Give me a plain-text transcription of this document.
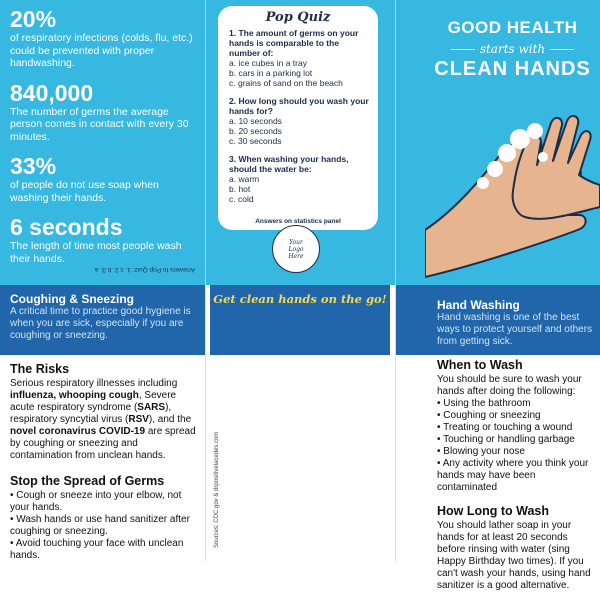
20%
of respiratory infections (colds, flu, etc.) could be prevented with proper handwashing.
840,000
The number of germs the average person comes in contact with every 30 minutes.
33%
of people do not use soap when washing their hands.
6 seconds
The length of time most people wash their hands.
Answers to Pop Quiz: 1. c 2. b 3. a
Pop Quiz
1. The amount of germs on your hands is comparable to the number of:
a. ice cubes in a tray
b. cars in a parking lot
c. grains of sand on the beach
2. How long should you wash your hands for?
a. 10 seconds
b. 20 seconds
c. 30 seconds
3. When washing your hands, should the water be:
a. warm
b. hot
c. cold
Answers on statistics panel
Your
Logo
Here
GOOD HEALTH
starts with
CLEAN HANDS
Coughing & Sneezing
A critical time to practice good hygiene is when you are sick, especially if you are coughing or sneezing.
Get clean hands on the go!	Hand Washing
Hand washing is one of the best ways to protect yourself and others from getting sick.
The Risks
Serious respiratory illnesses including influenza, whooping cough, Severe acute respiratory syndrome (SARS), respiratory syncytial virus (RSV), and the novel coronavirus COVID-19 are spread by coughing or sneezing and contamination from unclean hands.
Stop the Spread of Germs
• Cough or sneeze into your elbow, not your hands.
• Wash hands or use hand sanitizer after coughing or sneezing.
• Avoid touching your face with unclean hands.
Sources: CDC.gov & drpositivelacedes.com
When to Wash
You should be sure to wash your hands after doing the following:
• Using the bathroom
• Coughing or sneezing
• Treating or touching a wound
• Touching or handling garbage
• Blowing your nose
• Any activity where you think your hands may have been contaminated
How Long to Wash
You should lather soap in your hands for at least 20 seconds before rinsing with water (sing Happy Birthday two times). If you can't wash your hands, using hand sanitizer is a good alternative.
